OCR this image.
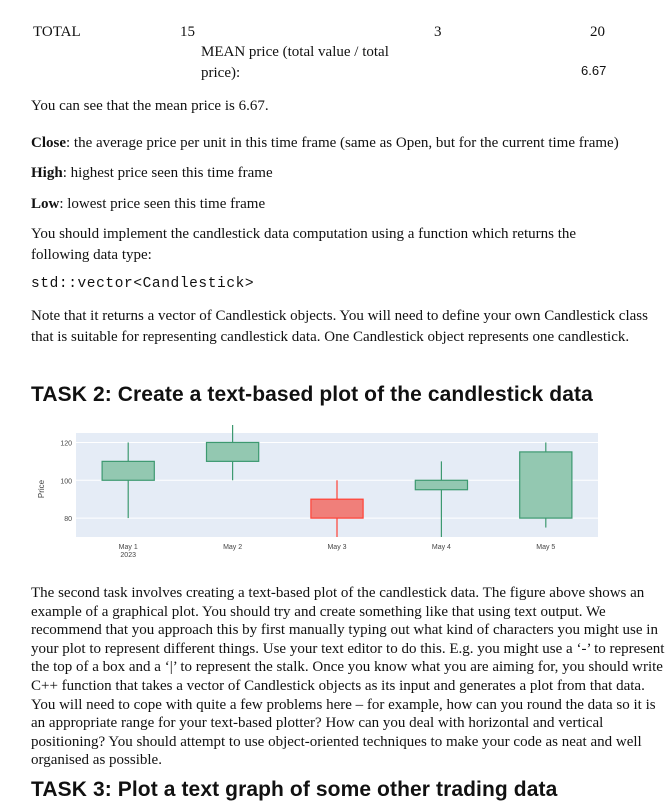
TOTAL	15	3	20
MEAN price (total value / total price):	6.67
You can see that the mean price is 6.67.
Close: the average price per unit in this time frame (same as Open, but for the current time frame)
High: highest price seen this time frame
Low: lowest price seen this time frame
You should implement the candlestick data computation using a function which returns the following data type:
std::vector<Candlestick>
Note that it returns a vector of Candlestick objects. You will need to define your own Candlestick class that is suitable for representing candlestick data. One Candlestick object represents one candlestick.
TASK 2: Create a text-based plot of the candlestick data
80
100
120
May 1
2023
May 2	May 3	May 4	May 5
Price
The second task involves creating a text-based plot of the candlestick data. The figure above shows an example of a graphical plot. You should try and create something like that using text output. We recommend that you approach this by first manually typing out what kind of characters you might use in your plot to represent different things. Use your text editor to do this. E.g. you might use a ‘-’ to represent the top of a box and a ‘|’ to represent the stalk. Once you know what you are aiming for, you should write C++ function that takes a vector of Candlestick objects as its input and generates a plot from that data. You will need to cope with quite a few problems here – for example, how can you round the data so it is an appropriate range for your text-based plotter? How can you deal with horizontal and vertical positioning? You should attempt to use object-oriented techniques to make your code as neat and well organised as possible.
TASK 3: Plot a text graph of some other trading data
